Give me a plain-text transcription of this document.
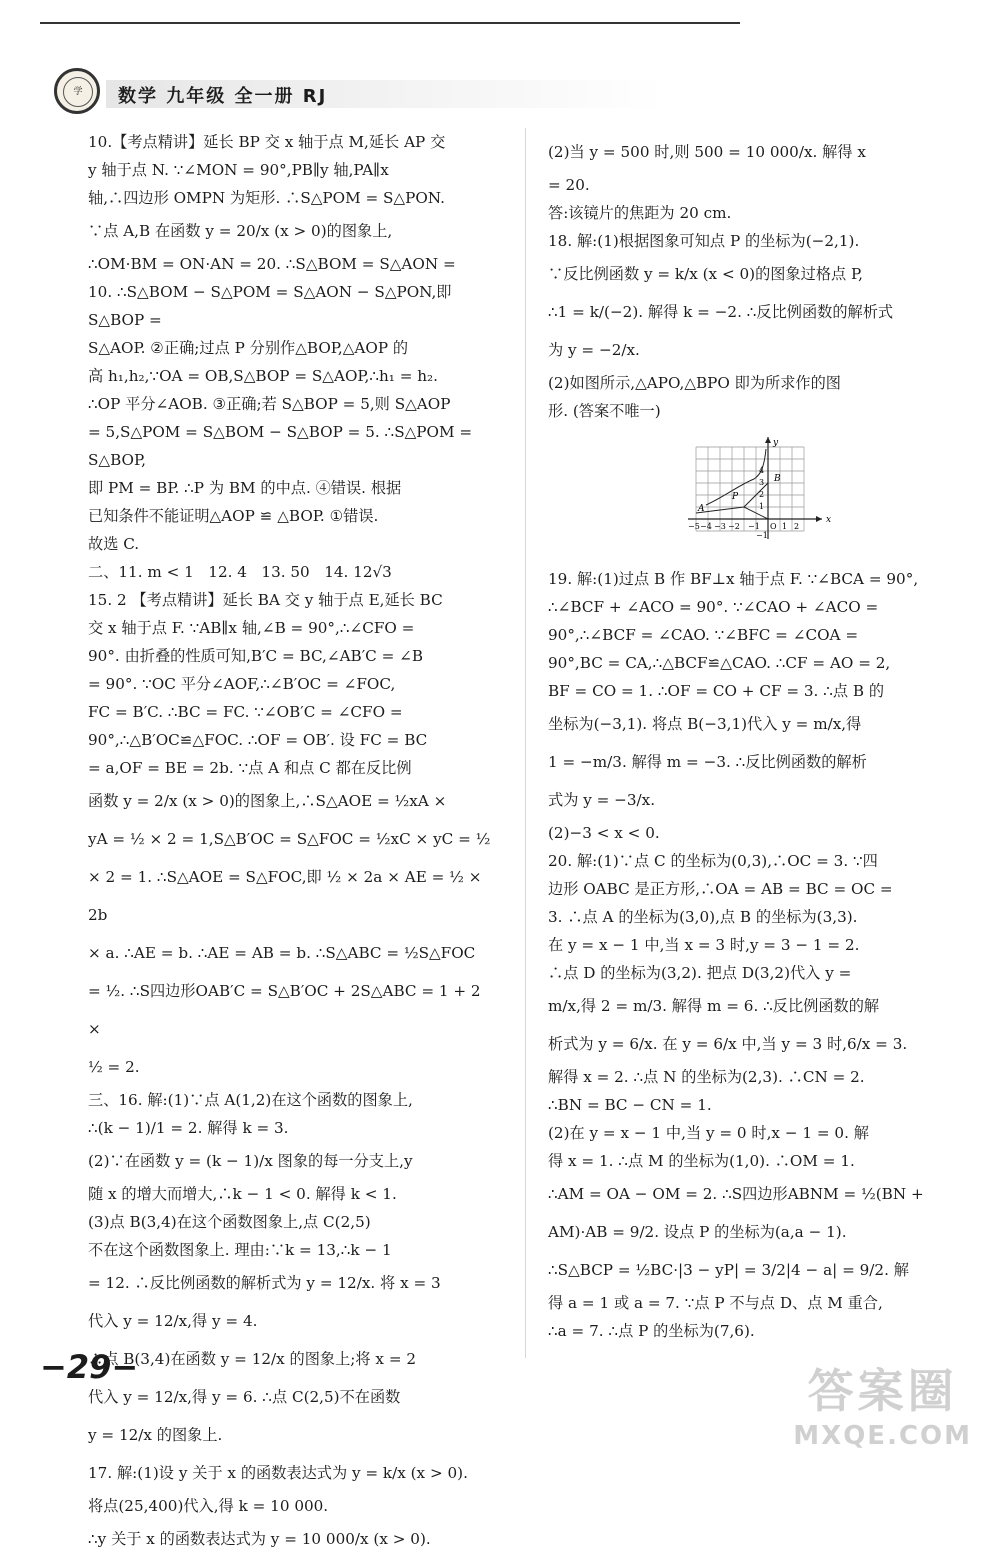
学	数学 九年级 全一册 RJ

10.【考点精讲】延长 BP 交 x 轴于点 M,延长 AP 交

y 轴于点 N. ∵∠MON = 90°,PB∥y 轴,PA∥x

轴,∴四边形 OMPN 为矩形. ∴S△POM = S△PON.

∵点 A,B 在函数 y = 20/x (x > 0)的图象上,

∴OM·BM = ON·AN = 20. ∴S△BOM = S△AON =

10. ∴S△BOM − S△POM = S△AON − S△PON,即 S△BOP =

S△AOP. ②正确;过点 P 分别作△BOP,△AOP 的

高 h₁,h₂,∵OA = OB,S△BOP = S△AOP,∴h₁ = h₂.

∴OP 平分∠AOB. ③正确;若 S△BOP = 5,则 S△AOP

= 5,S△POM = S△BOM − S△BOP = 5. ∴S△POM = S△BOP,

即 PM = BP. ∴P 为 BM 的中点. ④错误. 根据

已知条件不能证明△AOP ≌ △BOP. ①错误.

故选 C.

二、11. m < 1   12. 4   13. 50   14. 12√3

15. 2 【考点精讲】延长 BA 交 y 轴于点 E,延长 BC

交 x 轴于点 F. ∵AB∥x 轴,∠B = 90°,∴∠CFO =

90°. 由折叠的性质可知,B′C = BC,∠AB′C = ∠B

= 90°. ∵OC 平分∠AOF,∴∠B′OC = ∠FOC,

FC = B′C. ∴BC = FC. ∵∠OB′C = ∠CFO =

90°,∴△B′OC≌△FOC. ∴OF = OB′. 设 FC = BC

= a,OF = BE = 2b. ∵点 A 和点 C 都在反比例

函数 y = 2/x (x > 0)的图象上,∴S△AOE = ½xA ×

yA = ½ × 2 = 1,S△B′OC = S△FOC = ½xC × yC = ½

× 2 = 1. ∴S△AOE = S△FOC,即 ½ × 2a × AE = ½ × 2b

× a. ∴AE = b. ∴AE = AB = b. ∴S△ABC = ½S△FOC

= ½. ∴S四边形OAB′C = S△B′OC + 2S△ABC = 1 + 2 ×

½ = 2.

三、16. 解:(1)∵点 A(1,2)在这个函数的图象上,

∴(k − 1)/1 = 2. 解得 k = 3.

(2)∵在函数 y = (k − 1)/x 图象的每一分支上,y

随 x 的增大而增大,∴k − 1 < 0. 解得 k < 1.

(3)点 B(3,4)在这个函数图象上,点 C(2,5)

不在这个函数图象上. 理由:∵k = 13,∴k − 1

= 12. ∴反比例函数的解析式为 y = 12/x. 将 x = 3

代入 y = 12/x,得 y = 4.

∴点 B(3,4)在函数 y = 12/x 的图象上;将 x = 2

代入 y = 12/x,得 y = 6. ∴点 C(2,5)不在函数

y = 12/x 的图象上.

17. 解:(1)设 y 关于 x 的函数表达式为 y = k/x (x > 0).

将点(25,400)代入,得 k = 10 000.

∴y 关于 x 的函数表达式为 y = 10 000/x (x > 0).

(2)当 y = 500 时,则 500 = 10 000/x. 解得 x

= 20.

答:该镜片的焦距为 20 cm.

18. 解:(1)根据图象可知点 P 的坐标为(−2,1).

∵反比例函数 y = k/x (x < 0)的图象过格点 P,

∴1 = k/(−2). 解得 k = −2. ∴反比例函数的解析式

为 y = −2/x.

(2)如图所示,△APO,△BPO 即为所求作的图

形. (答案不唯一)

19. 解:(1)过点 B 作 BF⊥x 轴于点 F. ∵∠BCA = 90°,

∴∠BCF + ∠ACO = 90°. ∵∠CAO + ∠ACO =

90°,∴∠BCF = ∠CAO. ∵∠BFC = ∠COA =

90°,BC = CA,∴△BCF≌△CAO. ∴CF = AO = 2,

BF = CO = 1. ∴OF = CO + CF = 3. ∴点 B 的

坐标为(−3,1). 将点 B(−3,1)代入 y = m/x,得

1 = −m/3. 解得 m = −3. ∴反比例函数的解析

式为 y = −3/x.

(2)−3 < x < 0.

20. 解:(1)∵点 C 的坐标为(0,3),∴OC = 3. ∵四

边形 OABC 是正方形,∴OA = AB = BC = OC =

3. ∴点 A 的坐标为(3,0),点 B 的坐标为(3,3).

在 y = x − 1 中,当 x = 3 时,y = 3 − 1 = 2.

∴点 D 的坐标为(3,2). 把点 D(3,2)代入 y =

m/x,得 2 = m/3. 解得 m = 6. ∴反比例函数的解

析式为 y = 6/x. 在 y = 6/x 中,当 y = 3 时,6/x = 3.

解得 x = 2. ∴点 N 的坐标为(2,3). ∴CN = 2.

∴BN = BC − CN = 1.

(2)在 y = x − 1 中,当 y = 0 时,x − 1 = 0. 解

得 x = 1. ∴点 M 的坐标为(1,0). ∴OM = 1.

∴AM = OA − OM = 2. ∴S四边形ABNM = ½(BN +

AM)·AB = 9/2. 设点 P 的坐标为(a,a − 1).

∴S△BCP = ½BC·|3 − yP| = 3/2|4 − a| = 9/2. 解

得 a = 1 或 a = 7. ∵点 P 不与点 D、点 M 重合,

∴a = 7. ∴点 P 的坐标为(7,6).

x
y
A
P
B
−5 −4 −3 −2 −1 O 1 2
4
3
2
1
−1
−29−	答案圈
MXQE.COM
